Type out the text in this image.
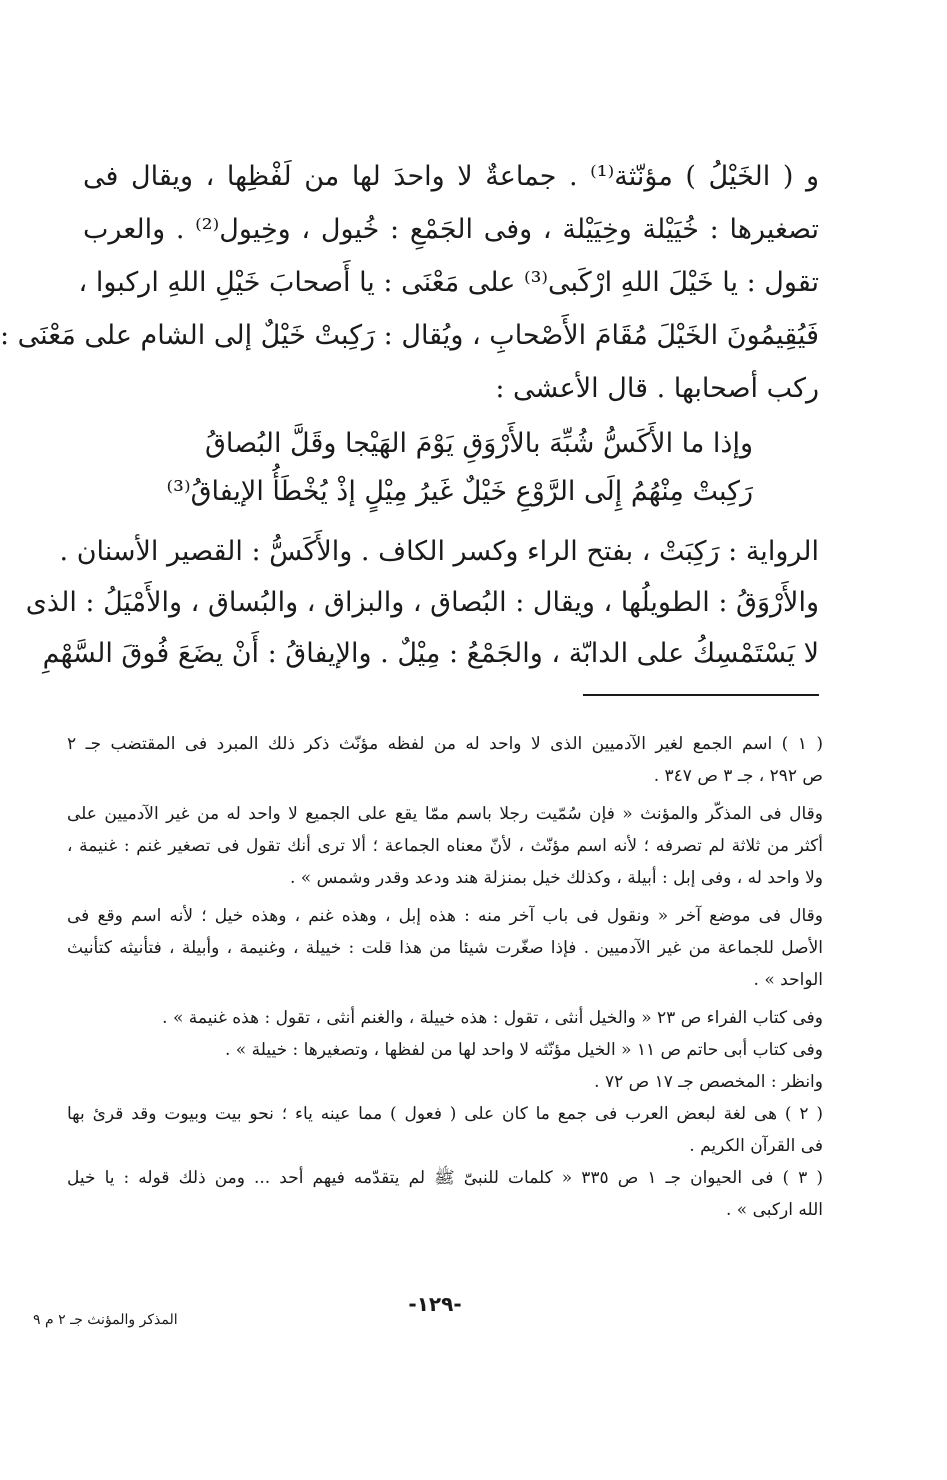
و ( الخَيْلُ ) مؤنّثة⁽¹⁾ . جماعةٌ لا واحدَ لها من لَفْظِها ، ويقال فى
تصغيرها : خُيَيْلة وخِيَيْلة ، وفى الجَمْعِ : خُيول ، وخِيول⁽²⁾ . والعرب
تقول : يا خَيْلَ اللهِ ارْكَبى⁽³⁾ على مَعْنَى : يا أَصحابَ خَيْلِ اللهِ اركبوا ،
فَيُقِيمُونَ الخَيْلَ مُقَامَ الأَصْحابِ ، ويُقال : رَكِبتْ خَيْلٌ إلى الشام على مَعْنَى :
ركب أصحابها . قال الأعشى :
وإذا ما الأَكَسُّ شُبِّهَ بالأَرْوَقِ يَوْمَ الهَيْجا وقَلَّ البُصاقُ
رَكِبتْ مِنْهُمُ إِلَى الرَّوْعِ خَيْلٌ غَيرُ مِيْلٍ إذْ يُخْطَأُ الإيفاقُ⁽³⁾
الرواية : رَكِبَتْ ، بفتح الراء وكسر الكاف . والأَكَسُّ : القصير الأسنان .
والأَرْوَقُ : الطويلُها ، ويقال : البُصاق ، والبزاق ، والبُساق ، والأَمْيَلُ : الذى
لا يَسْتَمْسِكُ على الدابّة ، والجَمْعُ : مِيْلٌ . والإيفاقُ : أَنْ يضَعَ فُوقَ السَّهْمِ
( ١ ) اسم الجمع لغير الآدميين الذى لا واحد له من لفظه مؤنّث ذكر ذلك المبرد فى المقتضب جـ ٢
ص ٢٩٢ ، جـ ٣ ص ٣٤٧ .
وقال فى المذكّر والمؤنث « فإن سُمّيت رجلا باسم ممّا يقع على الجميع لا واحد له من غير الآدميين على
أكثر من ثلاثة لم تصرفه ؛ لأنه اسم مؤنّث ، لأنّ معناه الجماعة ؛ ألا ترى أنك تقول فى تصغير غنم : غنيمة ،
ولا واحد له ، وفى إبل : أبيلة ، وكذلك خيل بمنزلة هند ودعد وقدر وشمس » .
وقال فى موضع آخر « ونقول فى باب آخر منه : هذه إبل ، وهذه غنم ، وهذه خيل ؛ لأنه اسم وقع فى
الأصل للجماعة من غير الآدميين . فإذا صغّرت شيئا من هذا قلت : خييلة ، وغنيمة ، وأبيلة ، فتأنيثه كتأنيث
الواحد » .
وفى كتاب الفراء ص ٢٣ « والخيل أنثى ، تقول : هذه خييلة ، والغنم أنثى ، تقول : هذه غنيمة » .
وفى كتاب أبى حاتم ص ١١ « الخيل مؤنّثه لا واحد لها من لفظها ، وتصغيرها : خييلة » .
وانظر : المخصص جـ ١٧ ص ٧٢ .
( ٢ ) هى لغة لبعض العرب فى جمع ما كان على ( فعول ) مما عينه ياء ؛ نحو بيت وبيوت وقد قرئ بها
فى القرآن الكريم .
( ٣ ) فى الحيوان جـ ١ ص ٣٣٥ « كلمات للنبىّ ﷺ لم يتقدّمه فيهم أحد ... ومن ذلك قوله : يا خيل
الله اركبى » .
-١٢٩-
المذكر والمؤنث جـ ٢ م ٩
